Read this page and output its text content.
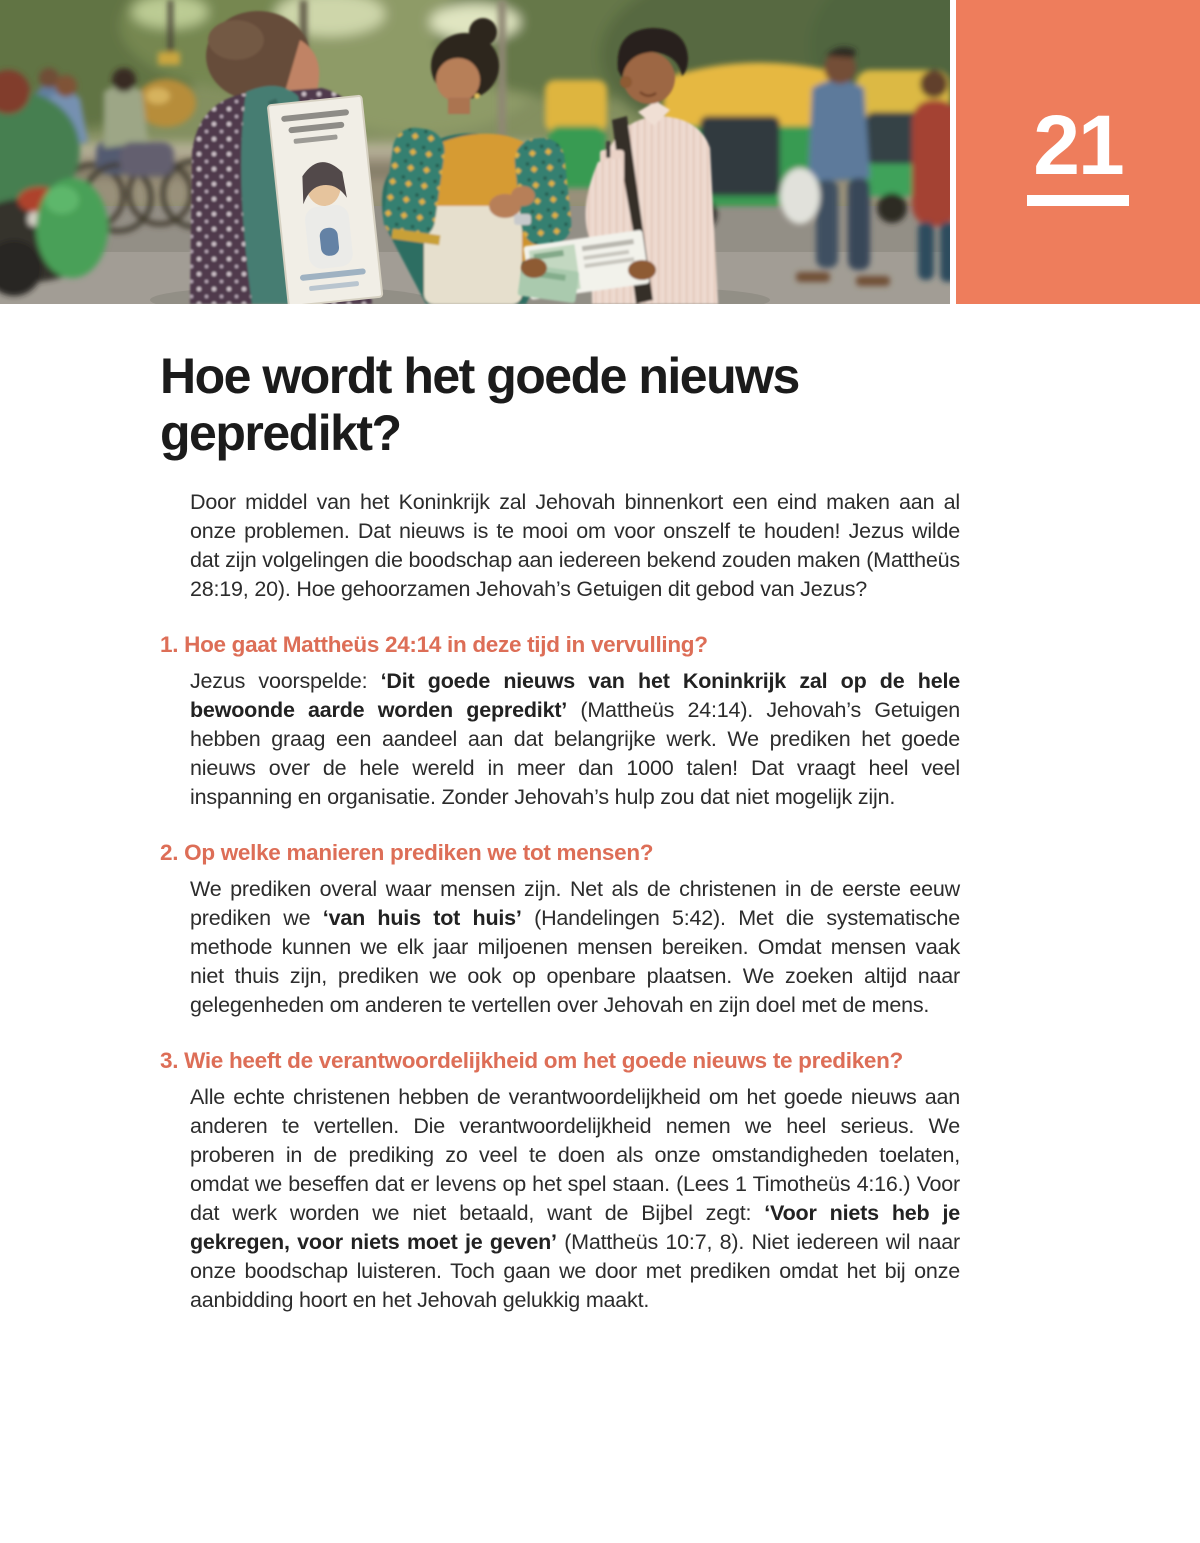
21
Hoe wordt het goede nieuws gepredikt?

Door middel van het Koninkrijk zal Jehovah binnenkort een eind maken aan al onze problemen. Dat nieuws is te mooi om voor onszelf te houden! Jezus wilde dat zijn volgelingen die boodschap aan iedereen bekend zouden maken (Mattheüs 28:19, 20). Hoe gehoorzamen Jehovah’s Getuigen dit gebod van Jezus?

1. Hoe gaat Mattheüs 24:14 in deze tijd in vervulling?

Jezus voorspelde: ‘Dit goede nieuws van het Koninkrijk zal op de hele bewoonde aarde worden gepredikt’ (Mattheüs 24:14). Jehovah’s Getuigen hebben graag een aandeel aan dat belangrijke werk. We prediken het goede nieuws over de hele wereld in meer dan 1000 talen! Dat vraagt heel veel inspanning en organisatie. Zonder Jehovah’s hulp zou dat niet mogelijk zijn.

2. Op welke manieren prediken we tot mensen?

We prediken overal waar mensen zijn. Net als de christenen in de eerste eeuw prediken we ‘van huis tot huis’ (Handelingen 5:42). Met die systematische methode kunnen we elk jaar miljoenen mensen bereiken. Omdat mensen vaak niet thuis zijn, prediken we ook op openbare plaatsen. We zoeken altijd naar gelegenheden om anderen te vertellen over Jehovah en zijn doel met de mens.

3. Wie heeft de verantwoordelijkheid om het goede nieuws te prediken?

Alle echte christenen hebben de verantwoordelijkheid om het goede nieuws aan anderen te vertellen. Die verantwoordelijkheid nemen we heel serieus. We proberen in de prediking zo veel te doen als onze omstandigheden toelaten, omdat we beseffen dat er levens op het spel staan. (Lees 1 Timotheüs 4:16.) Voor dat werk worden we niet betaald, want de Bijbel zegt: ‘Voor niets heb je gekregen, voor niets moet je geven’ (Mattheüs 10:7, 8). Niet iedereen wil naar onze boodschap luisteren. Toch gaan we door met prediken omdat het bij onze aanbidding hoort en het Jehovah gelukkig maakt.
